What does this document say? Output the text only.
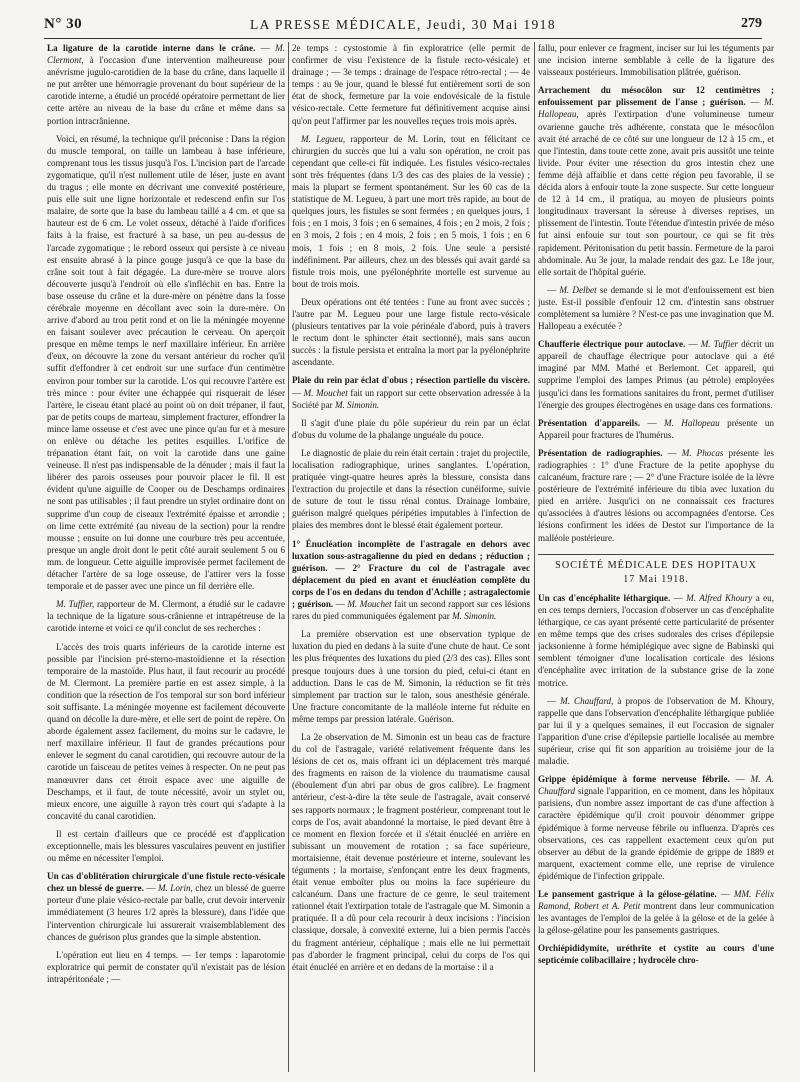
N° 30	LA PRESSE MÉDICALE, Jeudi, 30 Mai 1918	279

La ligature de la carotide interne dans le crâne. — M. Clermont, à l'occasion d'une intervention malheureuse pour anévrisme jugulo-carotidien de la base du crâne, dans laquelle il ne put arrêter une hémorragie provenant du bout supérieur de la carotide interne, a étudié un procédé opératoire permettant de lier cette artère au niveau de la base du crâne et même dans sa portion intracrânienne.

Voici, en résumé, la technique qu'il préconise : Dans la région du muscle temporal, on taille un lambeau à base inférieure, comprenant tous les tissus jusqu'à l'os. L'incision part de l'arcade zygomatique, qu'il n'est nullement utile de léser, juste en avant du tragus ; elle monte en décrivant une convexité postérieure, puis elle suit une ligne horizontale et redescend enfin sur l'os malaire, de sorte que la base du lambeau taillé a 4 cm. et que sa hauteur est de 6 cm. Le volet osseux, détaché à l'aide d'orifices faits à la fraise, est fracturé à sa base, un peu au-dessus de l'arcade zygomatique ; le rebord osseux qui persiste à ce niveau est ensuite abrasé à la pince gouge jusqu'à ce que la base du crâne soit tout à fait dégagée. La dure-mère se trouve alors découverte jusqu'à l'endroit où elle s'infléchit en bas. Entre la base osseuse du crâne et la dure-mère on pénètre dans la fosse cérébrale moyenne en décollant avec soin la dure-mère. On arrive d'abord au trou petit rond et on lie la méningée moyenne en faisant soulever avec précaution le cerveau. On aperçoit presque en même temps le nerf maxillaire inférieur. En arrière d'eux, on découvre la zone du versant antérieur du rocher qu'il suffit d'effondrer à cet endroit sur une surface d'un centimètre environ pour tomber sur la carotide. L'os qui recouvre l'artère est très mince : pour éviter une échappée qui risquerait de léser l'artère, le ciseau étant placé au point où on doit trépaner, il faut, par de petits coups de marteau, simplement fracturer, effondrer la mince lame osseuse et c'est avec une pince qu'au fur et à mesure on enlève ou détache les petites esquilles. L'orifice de trépanation étant fait, on voit la carotide dans une gaine veineuse. Il n'est pas indispensable de la dénuder ; mais il faut la libérer des parois osseuses pour pouvoir placer le fil. Il est évident qu'une aiguille de Cooper ou de Deschamps ordinaires ne sont pas utilisables ; il faut prendre un stylet ordinaire dont on supprime d'un coup de ciseaux l'extrémité épaisse et arrondie ; on lime cette extrémité (au niveau de la section) pour la rendre mousse ; ensuite on lui donne une courbure très peu accentuée, presque un angle droit dont le petit côté aurait seulement 5 ou 6 mm. de longueur. Cette aiguille improvisée permet facilement de détacher l'artère de sa loge osseuse, de l'attirer vers la fosse temporale et de passer avec une pince un fil derrière elle.

M. Tuffier, rapporteur de M. Clermont, a étudié sur le cadavre la technique de la ligature sous-crânienne et intrapétreuse de la carotide interne et voici ce qu'il conclut de ses recherches :

L'accès des trois quarts inférieurs de la carotide interne est possible par l'incision pré-sterno-mastoïdienne et la résection temporaire de la mastoïde. Plus haut, il faut recourir au procédé de M. Clermont. La première partie en est assez simple, à la condition que la résection de l'os temporal sur son bord inférieur soit suffisante. La méningée moyenne est facilement découverte quand on décolle la dure-mère, et elle sert de point de repère. On aborde également assez facilement, du moins sur le cadavre, le nerf maxillaire inférieur. Il faut de grandes précautions pour enlever le segment du canal carotidien, qui recouvre autour de la carotide un faisceau de petites veines à respecter. On ne peut pas manœuvrer dans cet étroit espace avec une aiguille de Deschamps, et il faut, de toute nécessité, avoir un stylet ou, mieux encore, une aiguille à rayon très court qui s'adapte à la concavité du canal carotidien.

Il est certain d'ailleurs que ce procédé est d'application exceptionnelle, mais les blessures vasculaires peuvent en justifier ou même en nécessiter l'emploi.

Un cas d'oblitération chirurgicale d'une fistule recto-vésicale chez un blessé de guerre. — M. Lorin, chez un blessé de guerre porteur d'une plaie vésico-rectale par balle, crut devoir intervenir immédiatement (3 heures 1/2 après la blessure), dans l'idée que l'intervention chirurgicale lui assurerait vraisemblablement des chances de guérison plus grandes que la simple abstention.

L'opération eut lieu en 4 temps. — 1er temps : laparotomie exploratrice qui permit de constater qu'il n'existait pas de lésion intrapéritonéale ; —

2e temps : cystostomie à fin exploratrice (elle permit de confirmer de visu l'existence de la fistule recto-vésicale) et drainage ; — 3e temps : drainage de l'espace rétro-rectal ; — 4e temps : au 9e jour, quand le blessé fut entièrement sorti de son état de shock, fermeture par la voie endovésicale de la fistule vésico-rectale. Cette fermeture fut définitivement acquise ainsi qu'on peut l'affirmer par les nouvelles reçues trois mois après.

M. Legueu, rapporteur de M. Lorin, tout en félicitant ce chirurgien du succès que lui a valu son opération, ne croit pas cependant que celle-ci fût indiquée. Les fistules vésico-rectales sont très fréquentes (dans 1/3 des cas des plaies de la vessie) ; mais la plupart se ferment spontanément. Sur les 60 cas de la statistique de M. Legueu, à part une mort très rapide, au bout de quelques jours, les fistules se sont fermées ; en quelques jours, 1 fois ; en 1 mois, 3 fois ; en 6 semaines, 4 fois ; en 2 mois, 2 fois ; en 3 mois, 2 fois ; en 4 mois, 2 fois ; en 5 mois, 1 fois ; en 6 mois, 1 fois ; en 8 mois, 2 fois. Une seule a persisté indéfiniment. Par ailleurs, chez un des blessés qui avait gardé sa fistule trois mois, une pyélonéphrite mortelle est survenue au bout de trois mois.

Deux opérations ont été tentées : l'une au front avec succès ; l'autre par M. Legueu pour une large fistule recto-vésicale (plusieurs tentatives par la voie périnéale d'abord, puis à travers le rectum dont le sphincter était sectionné), mais sans aucun succès : la fistule persista et entraîna la mort par la pyélonéphrite ascendante.

Plaie du rein par éclat d'obus ; résection partielle du viscère. — M. Mouchet fait un rapport sur cette observation adressée à la Société par M. Simonin.

Il s'agit d'une plaie du pôle supérieur du rein par un éclat d'obus du volume de la phalange unguéale du pouce.

Le diagnostic de plaie du rein était certain : trajet du projectile, localisation radiographique, urines sanglantes. L'opération, pratiquée vingt-quatre heures après la blessure, consista dans l'extraction du projectile et dans la résection cunéiforme, suivie de suture de tout le tissu rénal contus. Drainage lombaire, guérison malgré quelques péripéties imputables à l'infection de plaies des membres dont le blessé était également porteur.

1° Énucléation incomplète de l'astragale en dehors avec luxation sous-astragalienne du pied en dedans ; réduction ; guérison. — 2° Fracture du col de l'astragale avec déplacement du pied en avant et énucléation complète du corps de l'os en dedans du tendon d'Achille ; astragalectomie ; guérison. — M. Mouchet fait un second rapport sur ces lésions rares du pied communiquées également par M. Simonin.

La première observation est une observation typique de luxation du pied en dedans à la suite d'une chute de haut. Ce sont les plus fréquentes des luxations du pied (2/3 des cas). Elles sont presque toujours dues à une torsion du pied, celui-ci étant en adduction. Dans le cas de M. Simonin, la réduction se fit très simplement par traction sur le talon, sous anesthésie générale. Une fracture concomitante de la malléole interne fut réduite en même temps par pression latérale. Guérison.

La 2e observation de M. Simonin est un beau cas de fracture du col de l'astragale, variété relativement fréquente dans les lésions de cet os, mais offrant ici un déplacement très marqué des fragments en raison de la violence du traumatisme causal (éboulement d'un abri par obus de gros calibre). Le fragment antérieur, c'est-à-dire la tête seule de l'astragale, avait conservé ses rapports normaux ; le fragment postérieur, comprenant tout le corps de l'os, avait abandonné la mortaise, le pied devant être à ce moment en flexion forcée et il s'était énucléé en arrière en subissant un mouvement de rotation ; sa face supérieure, mortaisienne, était devenue postérieure et interne, soulevant les téguments ; la mortaise, s'enfonçant entre les deux fragments, était venue emboîter plus ou moins la face supérieure du calcanéum. Dans une fracture de ce genre, le seul traitement rationnel était l'extirpation totale de l'astragale que M. Simonin a pratiquée. Il a dû pour cela recourir à deux incisions : l'incision classique, dorsale, à convexité externe, lui a bien permis l'accès du fragment antérieur, céphalique ; mais elle ne lui permettait pas d'aborder le fragment principal, celui du corps de l'os qui était énucléé en arrière et en dedans de la mortaise : il a

fallu, pour enlever ce fragment, inciser sur lui les téguments par une incision interne semblable à celle de la ligature des vaisseaux postérieurs. Immobilisation plâtrée, guérison.

Arrachement du mésocôlon sur 12 centimètres ; enfouissement par plissement de l'anse ; guérison. — M. Hallopeau, après l'extirpation d'une volumineuse tumeur ovarienne gauche très adhérente, constata que le mésocôlon avait été arraché de ce côté sur une longueur de 12 à 15 cm., et que l'intestin, dans toute cette zone, avait pris aussitôt une teinte livide. Pour éviter une résection du gros intestin chez une femme déjà affaiblie et dans cette région peu favorable, il se décida alors à enfouir toute la zone suspecte. Sur cette longueur de 12 à 14 cm., il pratiqua, au moyen de plusieurs points longitudinaux traversant la séreuse à diverses reprises, un plissement de l'intestin. Toute l'étendue d'intestin privée de méso fut ainsi enfouie sur tout son pourtour, ce qui se fit très rapidement. Péritonisation du petit bassin. Fermeture de la paroi abdominale. Au 3e jour, la malade rendait des gaz. Le 18e jour, elle sortait de l'hôpital guérie.

— M. Delbet se demande si le mot d'enfouissement est bien juste. Est-il possible d'enfouir 12 cm. d'intestin sans obstruer complètement sa lumière ? N'est-ce pas une invagination que M. Hallopeau a exécutée ?

Chaufferie électrique pour autoclave. — M. Tuffier décrit un appareil de chauffage électrique pour autoclave qui a été imaginé par MM. Mathé et Berlemont. Cet appareil, qui supprime l'emploi des lampes Primus (au pétrole) employées jusqu'ici dans les formations sanitaires du front, permet d'utiliser l'énergie des groupes électrogènes en usage dans ces formations.

Présentation d'appareils. — M. Hallopeau présente un Appareil pour fractures de l'humérus.

Présentation de radiographies. — M. Phocas présente les radiographies : 1° d'une Fracture de la petite apophyse du calcanéum, fracture rare ; — 2° d'une Fracture isolée de la lèvre postérieure de l'extrémité inférieure du tibia avec luxation du pied en arrière. Jusqu'ici on ne connaissait ces fractures qu'associées à d'autres lésions ou accompagnées d'entorse. Ces lésions confirment les idées de Destot sur l'importance de la malléole postérieure.

SOCIÉTÉ MÉDICALE DES HOPITAUX
17 Mai 1918.

Un cas d'encéphalite léthargique. — M. Alfred Khoury a eu, en ces temps derniers, l'occasion d'observer un cas d'encéphalite léthargique, ce cas ayant présenté cette particularité de présenter en même temps que des crises sudorales des crises d'épilepsie jacksonienne à forme hémiplégique avec signe de Babinski qui semblent témoigner d'une localisation corticale des lésions d'encéphalite avec irritation de la substance grise de la zone motrice.

— M. Chauffard, à propos de l'observation de M. Khoury, rappelle que dans l'observation d'encéphalite léthargique publiée par lui il y a quelques semaines, il eut l'occasion de signaler l'apparition d'une crise d'épilepsie partielle localisée au membre supérieur, crise qui fit son apparition au troisième jour de la maladie.

Grippe épidémique à forme nerveuse fébrile. — M. A. Chauffard signale l'apparition, en ce moment, dans les hôpitaux parisiens, d'un nombre assez important de cas d'une affection à caractère épidémique qu'il croit pouvoir dénommer grippe épidémique à forme nerveuse fébrile ou influenza. D'après ces observations, ces cas rappellent exactement ceux qu'on put observer au début de la grande épidémie de grippe de 1889 et marquent, exactement comme elle, une reprise de virulence épidémique de l'infection grippale.

Le pansement gastrique à la gélose-gélatine. — MM. Félix Ramond, Robert et A. Petit montrent dans leur communication les avantages de l'emploi de la gelée à la gélose et de la gelée à la gélose-gélatine pour les pansements gastriques.

Orchiépididymite, uréthrite et cystite au cours d'une septicémie colibacillaire ; hydrocèle chro-
